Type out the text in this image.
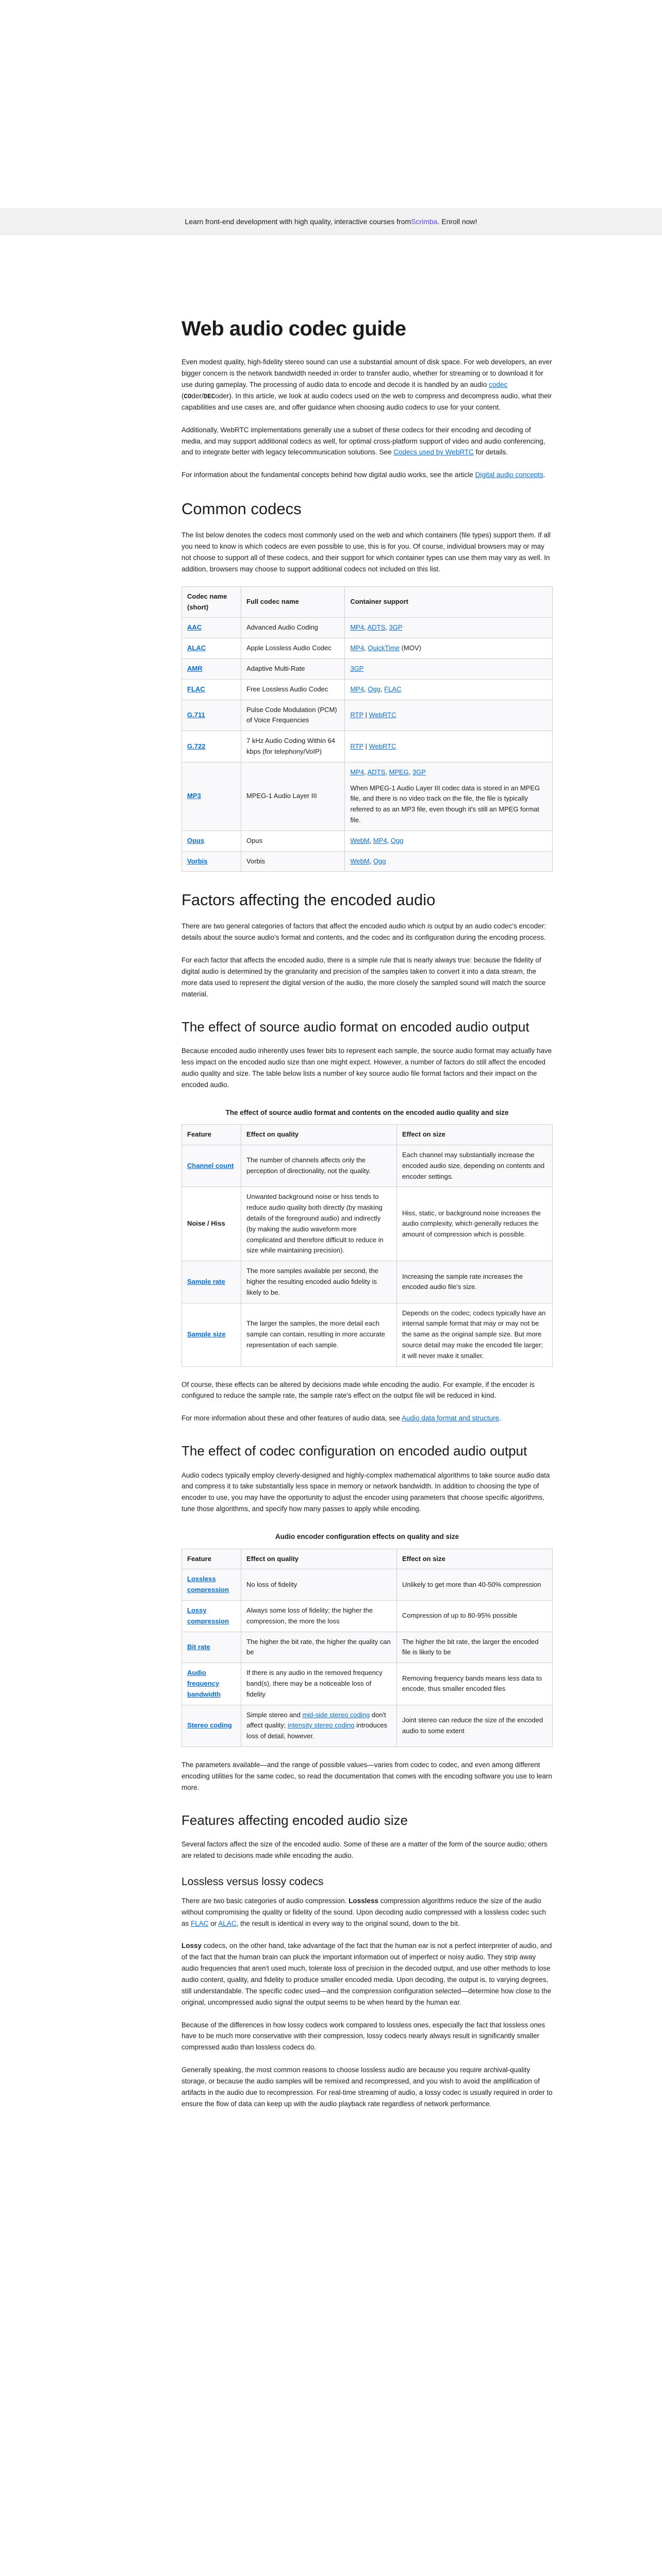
Learn front-end development with high quality, interactive courses from Scrimba . Enroll now!
Web audio codec guide

Even modest quality, high-fidelity stereo sound can use a substantial amount of disk space. For web developers, an ever bigger concern is the network bandwidth needed in order to transfer audio, whether for streaming or to download it for use during gameplay. The processing of audio data to encode and decode it is handled by an audio codec (COder/DECoder). In this article, we look at audio codecs used on the web to compress and decompress audio, what their capabilities and use cases are, and offer guidance when choosing audio codecs to use for your content.

Additionally, WebRTC implementations generally use a subset of these codecs for their encoding and decoding of media, and may support additional codecs as well, for optimal cross-platform support of video and audio conferencing, and to integrate better with legacy telecommunication solutions. See Codecs used by WebRTC for details.

For information about the fundamental concepts behind how digital audio works, see the article Digital audio concepts.

Common codecs

The list below denotes the codecs most commonly used on the web and which containers (file types) support them. If all you need to know is which codecs are even possible to use, this is for you. Of course, individual browsers may or may not choose to support all of these codecs, and their support for which container types can use them may vary as well. In addition, browsers may choose to support additional codecs not included on this list.

Codec name (short)	Full codec name	Container support
AAC	Advanced Audio Coding	MP4, ADTS, 3GP
ALAC	Apple Lossless Audio Codec	MP4, QuickTime (MOV)
AMR	Adaptive Multi-Rate	3GP
FLAC	Free Lossless Audio Codec	MP4, Ogg, FLAC
G.711	Pulse Code Modulation (PCM) of Voice Frequencies	RTP | WebRTC
G.722	7 kHz Audio Coding Within 64 kbps (for telephony/VoIP)	RTP | WebRTC
MP3	MPEG-1 Audio Layer III	MP4, ADTS, MPEG, 3GP

When MPEG-1 Audio Layer III codec data is stored in an MPEG file, and there is no video track on the file, the file is typically referred to as an MP3 file, even though it's still an MPEG format file.

Opus	Opus	WebM, MP4, Ogg
Vorbis	Vorbis	WebM, Ogg
Factors affecting the encoded audio

There are two general categories of factors that affect the encoded audio which is output by an audio codec's encoder: details about the source audio's format and contents, and the codec and its configuration during the encoding process.

For each factor that affects the encoded audio, there is a simple rule that is nearly always true: because the fidelity of digital audio is determined by the granularity and precision of the samples taken to convert it into a data stream, the more data used to represent the digital version of the audio, the more closely the sampled sound will match the source material.

The effect of source audio format on encoded audio output

Because encoded audio inherently uses fewer bits to represent each sample, the source audio format may actually have less impact on the encoded audio size than one might expect. However, a number of factors do still affect the encoded audio quality and size. The table below lists a number of key source audio file format factors and their impact on the encoded audio.

The effect of source audio format and contents on the encoded audio quality and size
Feature	Effect on quality	Effect on size
Channel count	The number of channels affects only the perception of directionality, not the quality.	Each channel may substantially increase the encoded audio size, depending on contents and encoder settings.
Noise / Hiss	Unwanted background noise or hiss tends to reduce audio quality both directly (by masking details of the foreground audio) and indirectly (by making the audio waveform more complicated and therefore difficult to reduce in size while maintaining precision).	Hiss, static, or background noise increases the audio complexity, which generally reduces the amount of compression which is possible.
Sample rate	The more samples available per second, the higher the resulting encoded audio fidelity is likely to be.	Increasing the sample rate increases the encoded audio file's size.
Sample size	The larger the samples, the more detail each sample can contain, resulting in more accurate representation of each sample.	Depends on the codec; codecs typically have an internal sample format that may or may not be the same as the original sample size. But more source detail may make the encoded file larger; it will never make it smaller.

Of course, these effects can be altered by decisions made while encoding the audio. For example, if the encoder is configured to reduce the sample rate, the sample rate's effect on the output file will be reduced in kind.

For more information about these and other features of audio data, see Audio data format and structure.

The effect of codec configuration on encoded audio output

Audio codecs typically employ cleverly-designed and highly-complex mathematical algorithms to take source audio data and compress it to take substantially less space in memory or network bandwidth. In addition to choosing the type of encoder to use, you may have the opportunity to adjust the encoder using parameters that choose specific algorithms, tune those algorithms, and specify how many passes to apply while encoding.

Audio encoder configuration effects on quality and size
Feature	Effect on quality	Effect on size
Lossless compression	No loss of fidelity	Unlikely to get more than 40-50% compression
Lossy compression	Always some loss of fidelity; the higher the compression, the more the loss	Compression of up to 80-95% possible
Bit rate	The higher the bit rate, the higher the quality can be	The higher the bit rate, the larger the encoded file is likely to be
Audio frequency bandwidth	If there is any audio in the removed frequency band(s), there may be a noticeable loss of fidelity	Removing frequency bands means less data to encode, thus smaller encoded files
Stereo coding	Simple stereo and mid-side stereo coding don't affect quality; intensity stereo coding introduces loss of detail, however.	Joint stereo can reduce the size of the encoded audio to some extent

The parameters available—and the range of possible values—varies from codec to codec, and even among different encoding utilities for the same codec, so read the documentation that comes with the encoding software you use to learn more.

Features affecting encoded audio size

Several factors affect the size of the encoded audio. Some of these are a matter of the form of the source audio; others are related to decisions made while encoding the audio.

Lossless versus lossy codecs

There are two basic categories of audio compression. Lossless compression algorithms reduce the size of the audio without compromising the quality or fidelity of the sound. Upon decoding audio compressed with a lossless codec such as FLAC or ALAC, the result is identical in every way to the original sound, down to the bit.

Lossy codecs, on the other hand, take advantage of the fact that the human ear is not a perfect interpreter of audio, and of the fact that the human brain can pluck the important information out of imperfect or noisy audio. They strip away audio frequencies that aren't used much, tolerate loss of precision in the decoded output, and use other methods to lose audio content, quality, and fidelity to produce smaller encoded media. Upon decoding, the output is, to varying degrees, still understandable. The specific codec used—and the compression configuration selected—determine how close to the original, uncompressed audio signal the output seems to be when heard by the human ear.

Because of the differences in how lossy codecs work compared to lossless ones, especially the fact that lossless ones have to be much more conservative with their compression, lossy codecs nearly always result in significantly smaller compressed audio than lossless codecs do.

Generally speaking, the most common reasons to choose lossless audio are because you require archival-quality storage, or because the audio samples will be remixed and recompressed, and you wish to avoid the amplification of artifacts in the audio due to recompression. For real-time streaming of audio, a lossy codec is usually required in order to ensure the flow of data can keep up with the audio playback rate regardless of network performance.
